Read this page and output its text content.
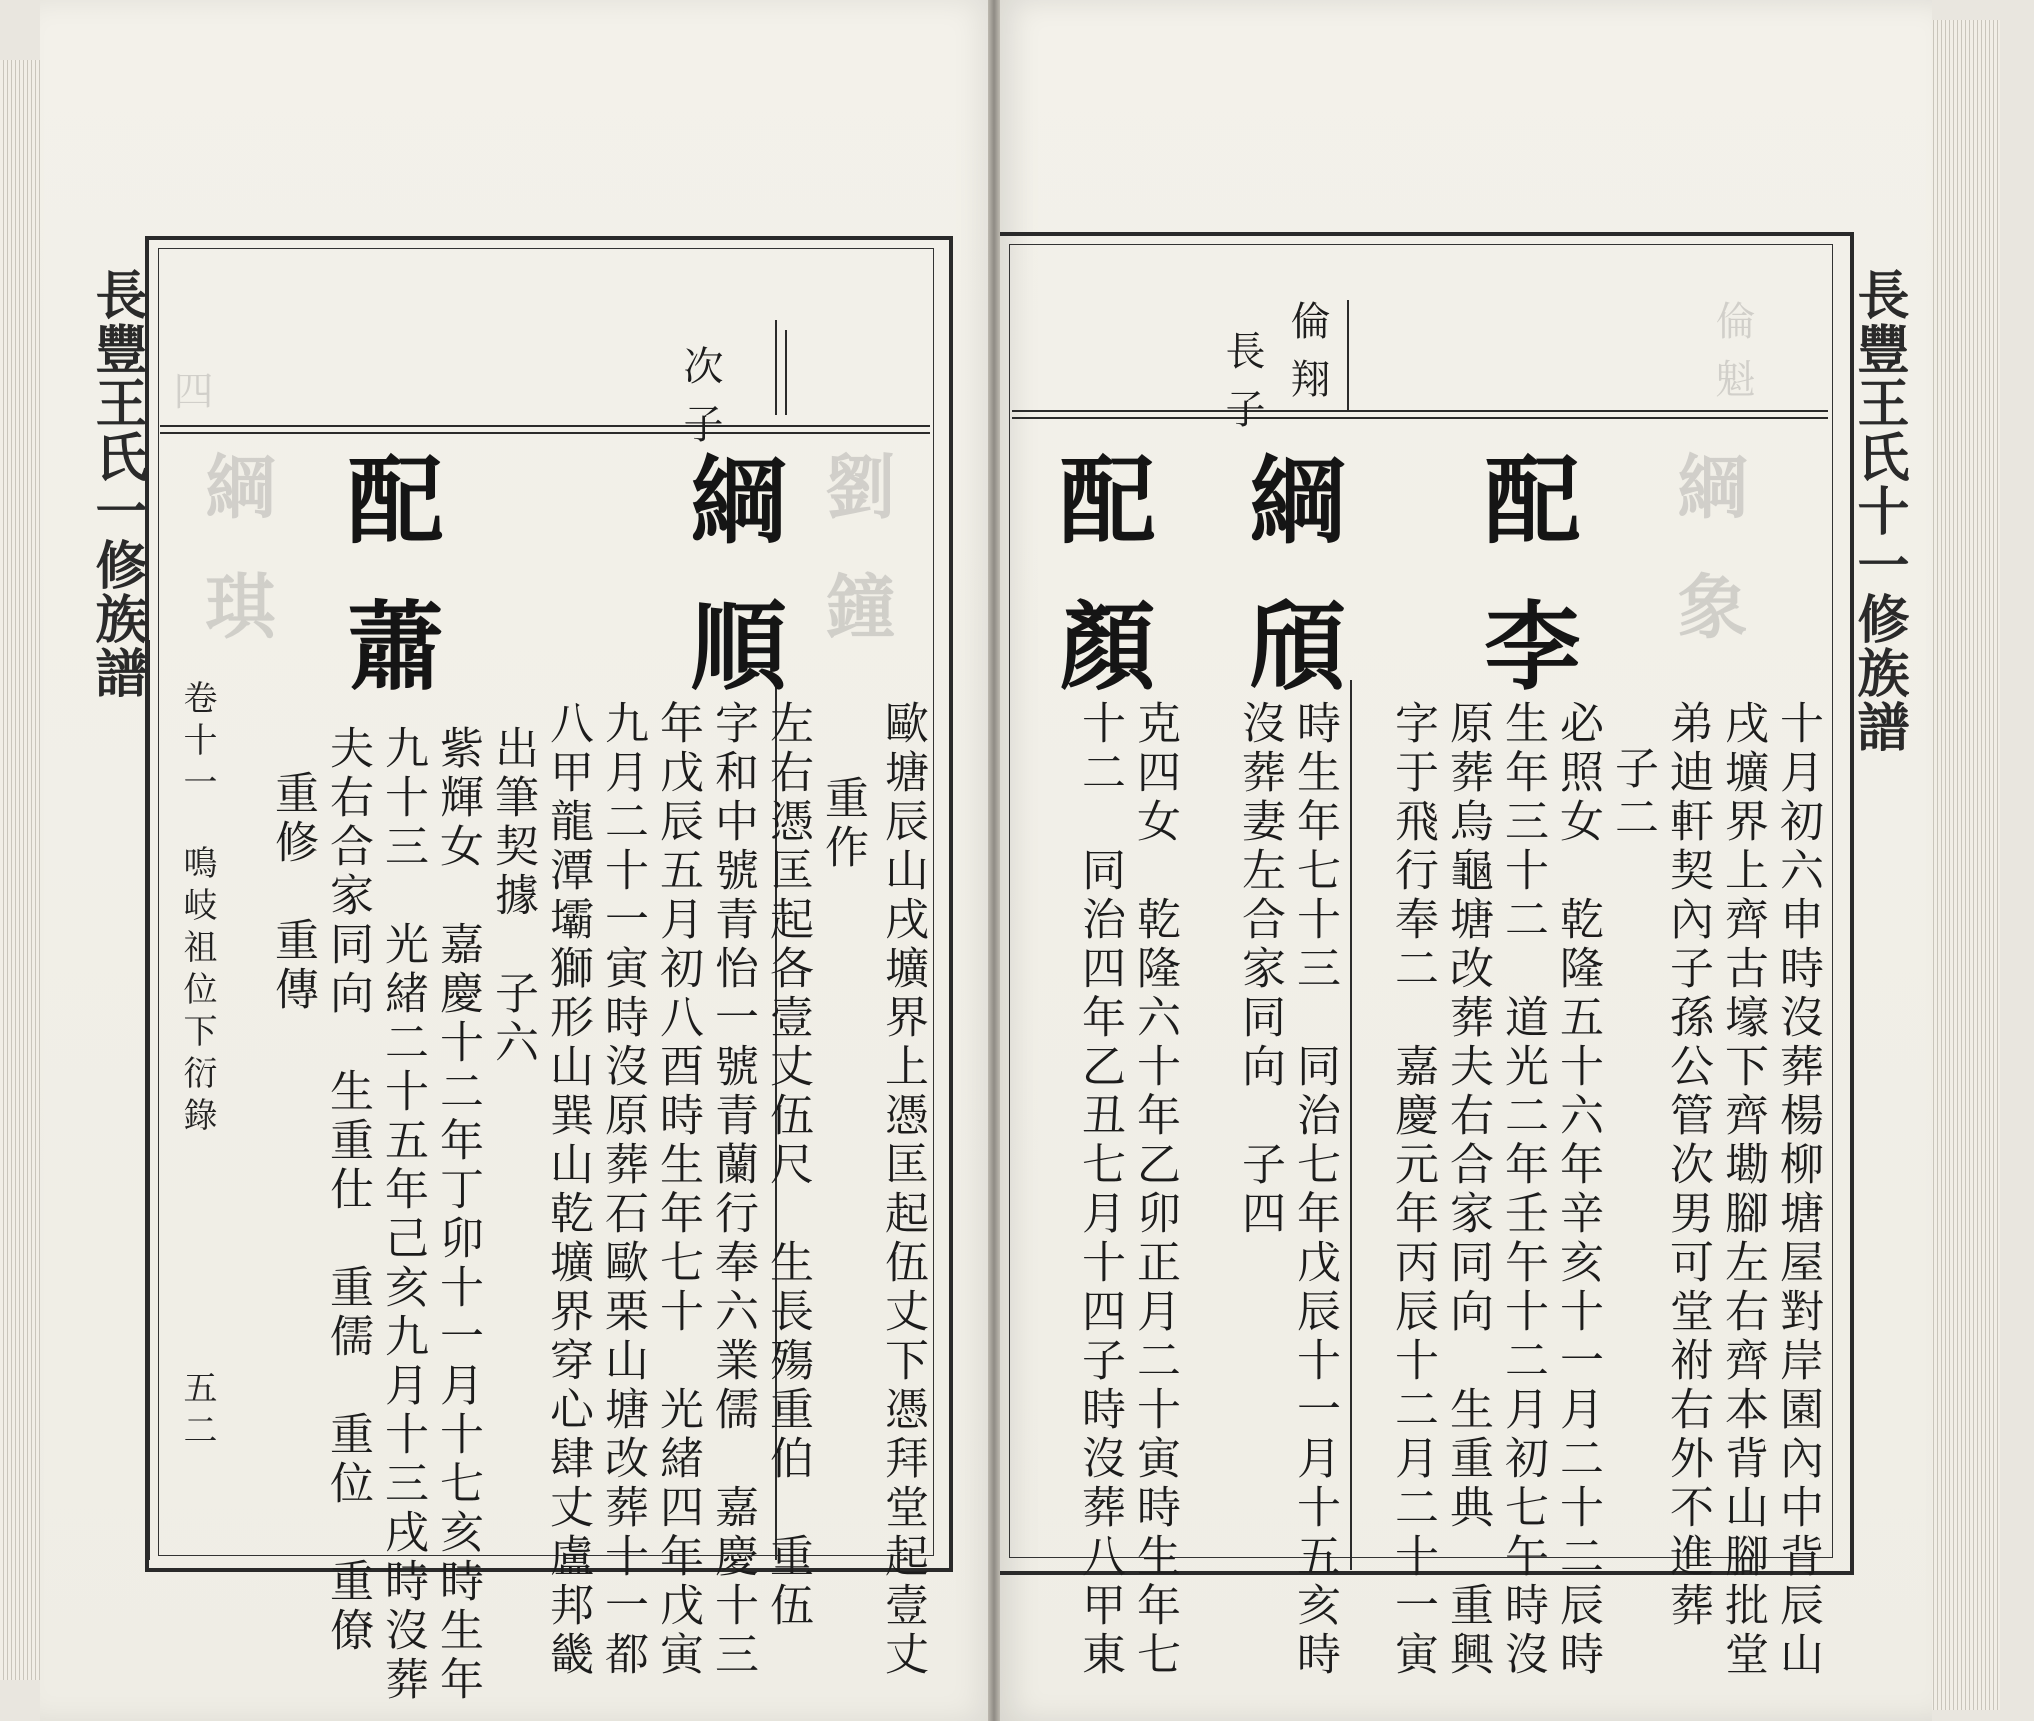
長豐王氏一修族譜	次子
四
綱順
配蕭	劉鐘
綱琪
重作 歐塘辰山戌壙界上憑匡起伍丈下憑拜堂起壹丈
左右憑匡起各壹丈伍尺　生長殤重伯　重伍
字和中號青怡一號青蘭行奉六業儒　嘉慶十三
年戊辰五月初八酉時生年七十　光緒四年戊寅
九月二十一寅時沒原葬石歐栗山塘改葬十一都
出筆契據　子六 八甲龍潭壩獅形山巽山乾壙界穿心肆丈盧邦畿
紫輝女　嘉慶十二年丁卯十一月十七亥時生年
九十三　光緒二十五年己亥九月十三戌時沒葬
夫右合家同向　生重仕　重儒　重位　重僚
重修　重傳
卷十一
鳴岐祖位下衍錄
五二
長豐王氏十一修族譜
倫翔
長子	倫魁
配李
綱頎
配顏	綱象
十月初六申時沒葬楊柳塘屋對岸園內中背辰山
戌壙界上齊古壕下齊墈腳左右齊本背山腳批堂
弟迪軒契內子孫公管次男可堂祔右外不進葬
子二
必照女　乾隆五十六年辛亥十一月二十二辰時
生年三十二　道光二年壬午十二月初七午時沒
原葬烏龜塘改葬夫右合家同向　生重典　重興
字于飛行奉二　嘉慶元年丙辰十二月二十一寅
時生年七十三　同治七年戊辰十一月十五亥時
沒葬妻左合家同向　子四
克四女　乾隆六十年乙卯正月二十寅時生年七
十二　同治四年乙丑七月十四子時沒葬八甲東
